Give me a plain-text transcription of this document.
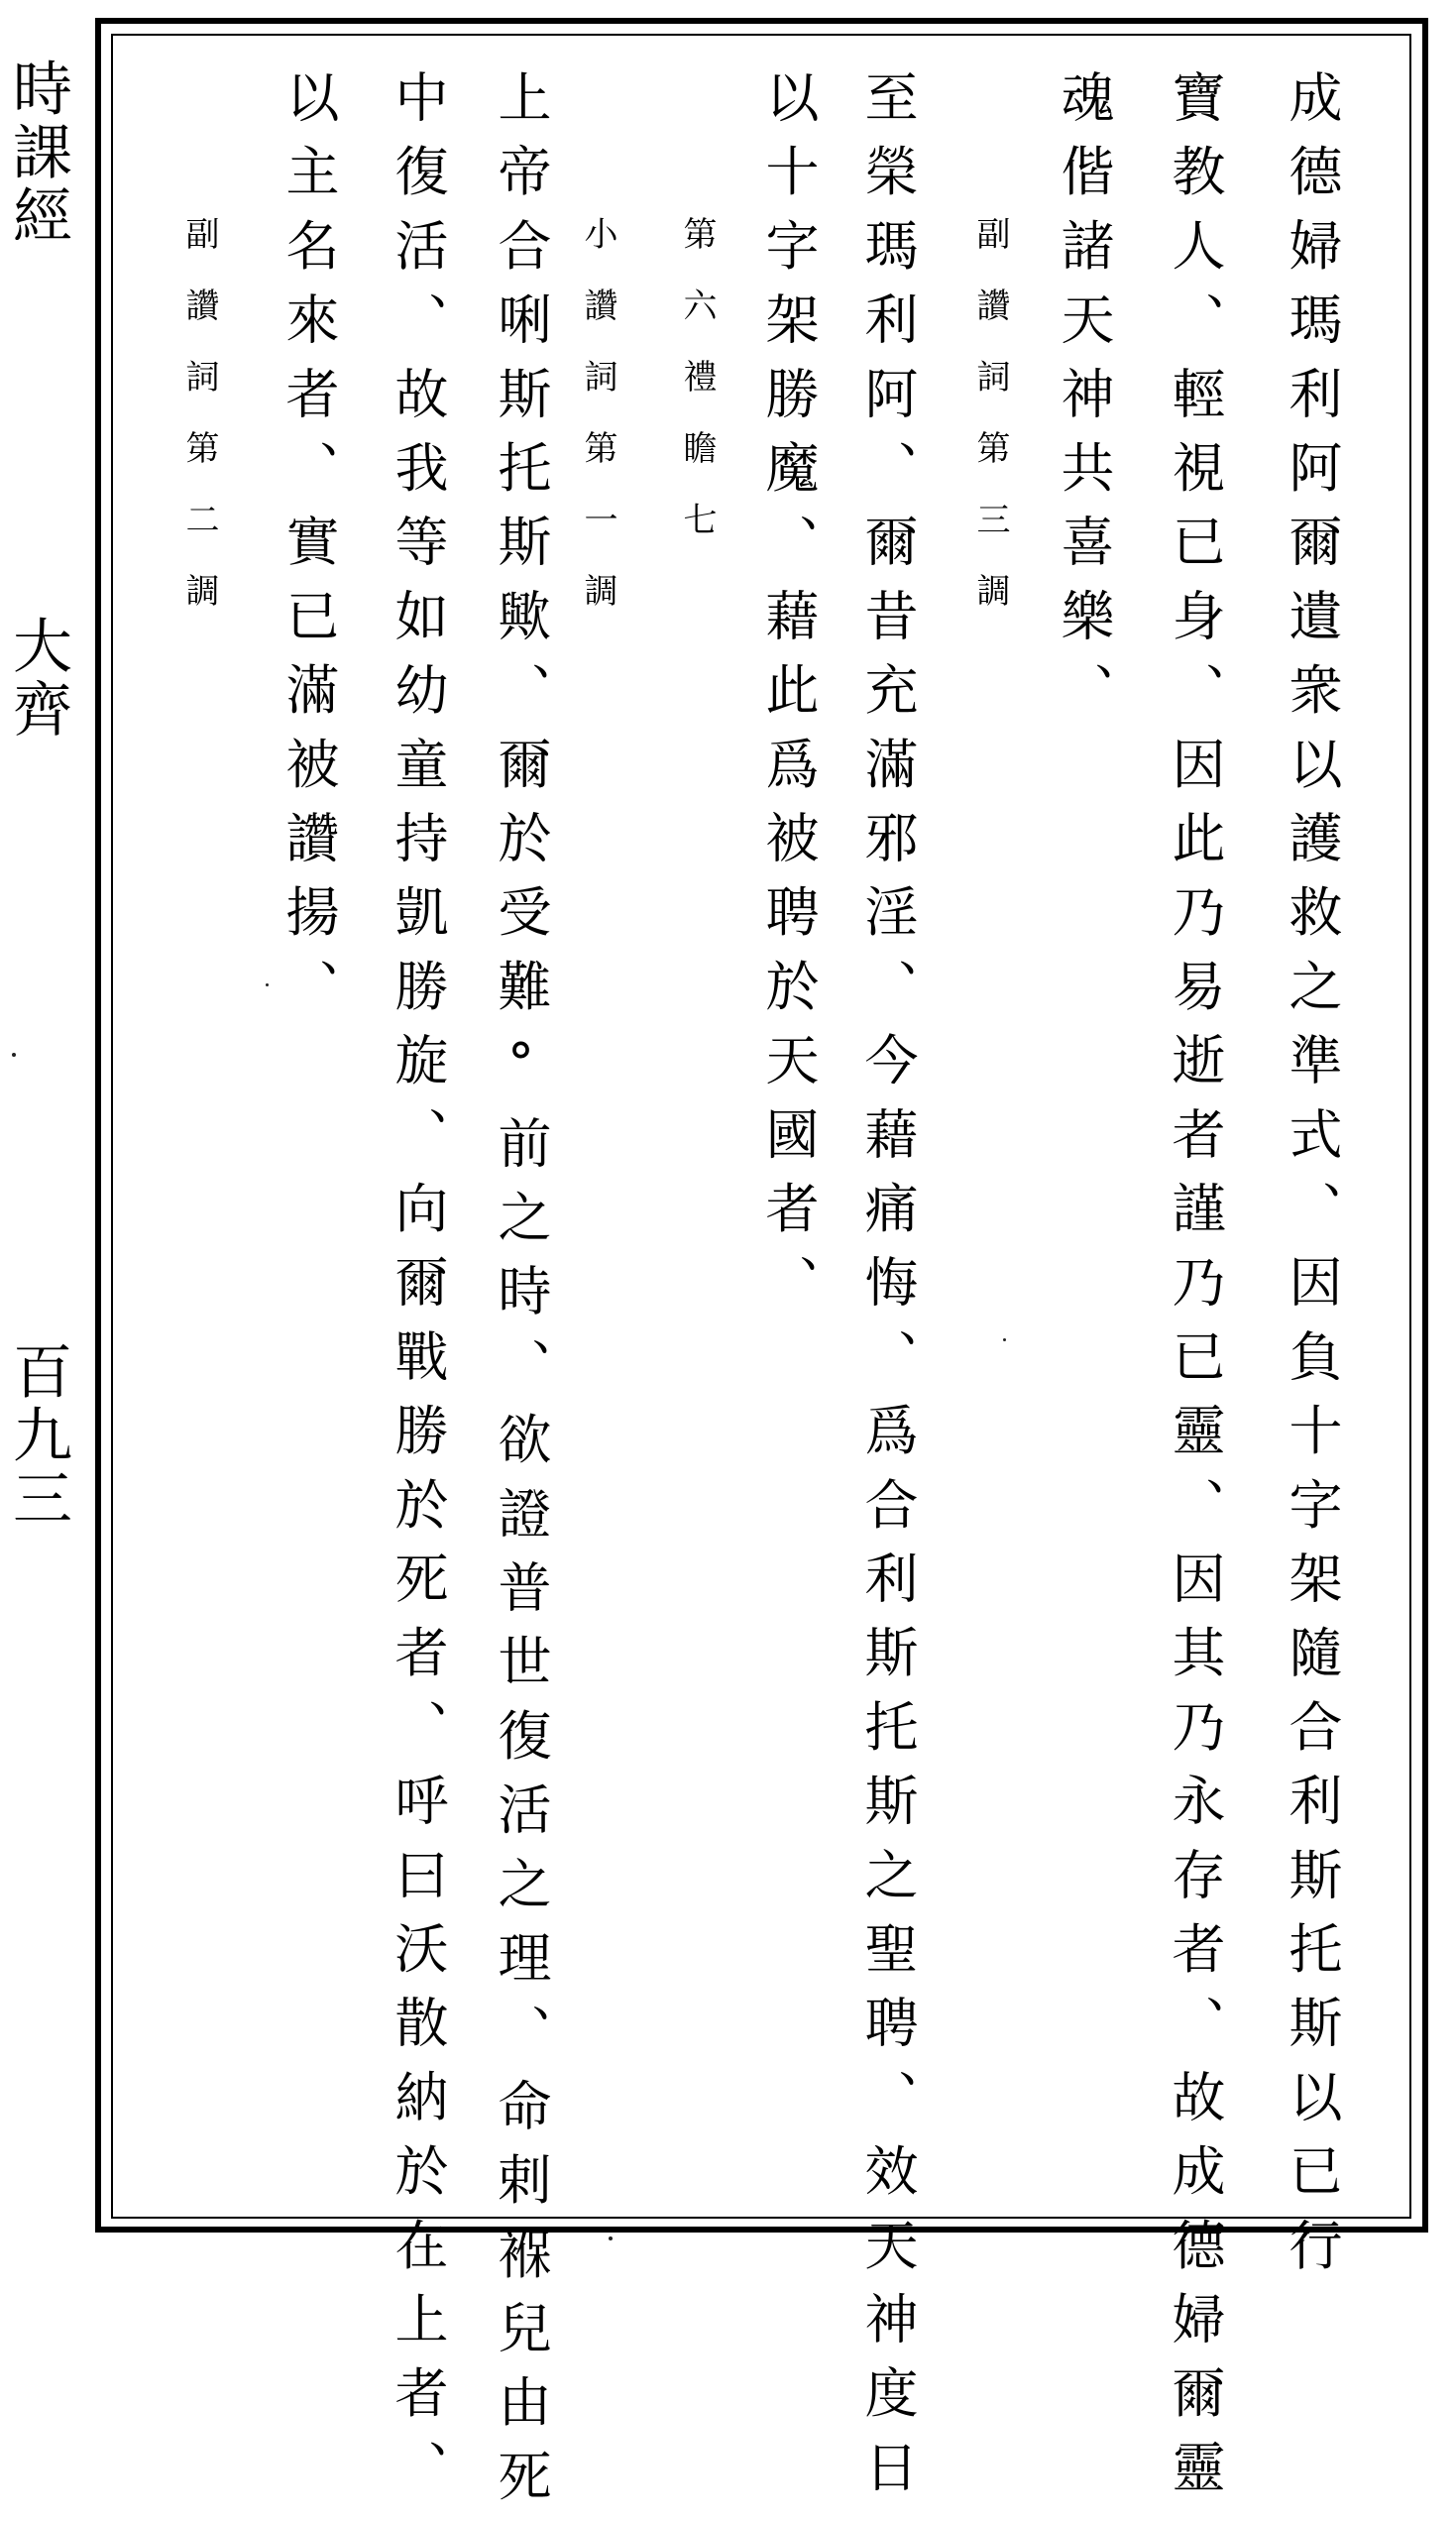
時課經
大齊
百九三	成德婦瑪利阿爾遺衆以護救之準式、因負十字架隨合利斯托斯以已行
寶教人、輕視已身、因此乃易逝者謹乃已靈、因其乃永存者、故成德婦爾靈
魂偕諸天神共喜樂、
副讚詞第三調
至榮瑪利阿、爾昔充滿邪淫、今藉痛悔、爲合利斯托斯之聖聘、效天神度日
以十字架勝魔、藉此爲被聘於天國者、
第六禮瞻七
上帝合唎斯托斯歟、爾於受難°前之時、欲證普世復活之理、命剌褓兒由死 小讚詞第一調
中復活、故我等如幼童持凱勝旋、向爾戰勝於死者、呼曰沃散納於在上者、
以主名來者、實已滿被讚揚、
副讚詞第二調
